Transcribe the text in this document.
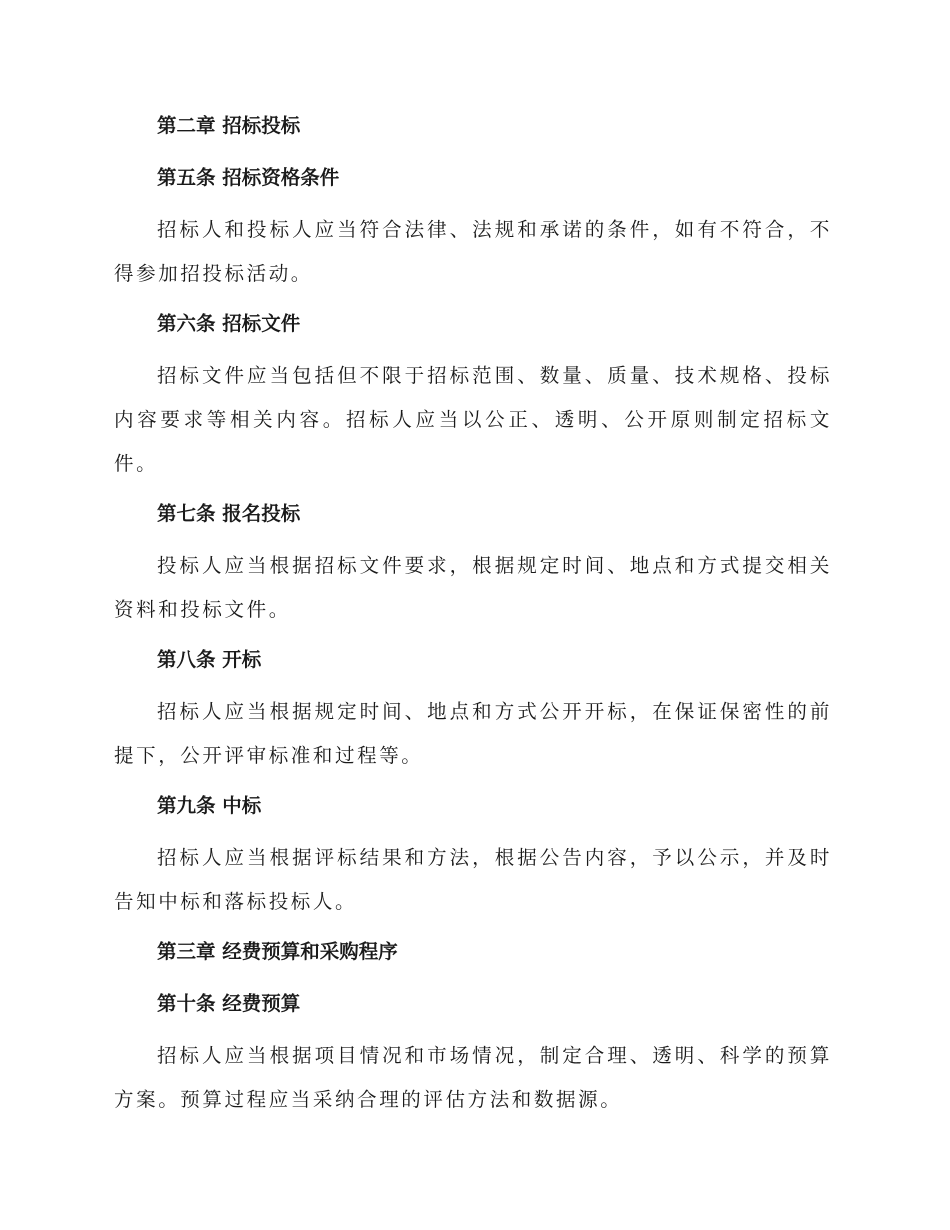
第二章 招标投标
第五条 招标资格条件

招标人和投标人应当符合法律、法规和承诺的条件，如有不符合，不得参加招投标活动。

第六条 招标文件

招标文件应当包括但不限于招标范围、数量、质量、技术规格、投标内容要求等相关内容。招标人应当以公正、透明、公开原则制定招标文件。

第七条 报名投标

投标人应当根据招标文件要求，根据规定时间、地点和方式提交相关资料和投标文件。

第八条 开标

招标人应当根据规定时间、地点和方式公开开标，在保证保密性的前提下，公开评审标准和过程等。

第九条 中标

招标人应当根据评标结果和方法，根据公告内容，予以公示，并及时告知中标和落标投标人。

第三章 经费预算和采购程序
第十条 经费预算

招标人应当根据项目情况和市场情况，制定合理、透明、科学的预算方案。预算过程应当采纳合理的评估方法和数据源。
